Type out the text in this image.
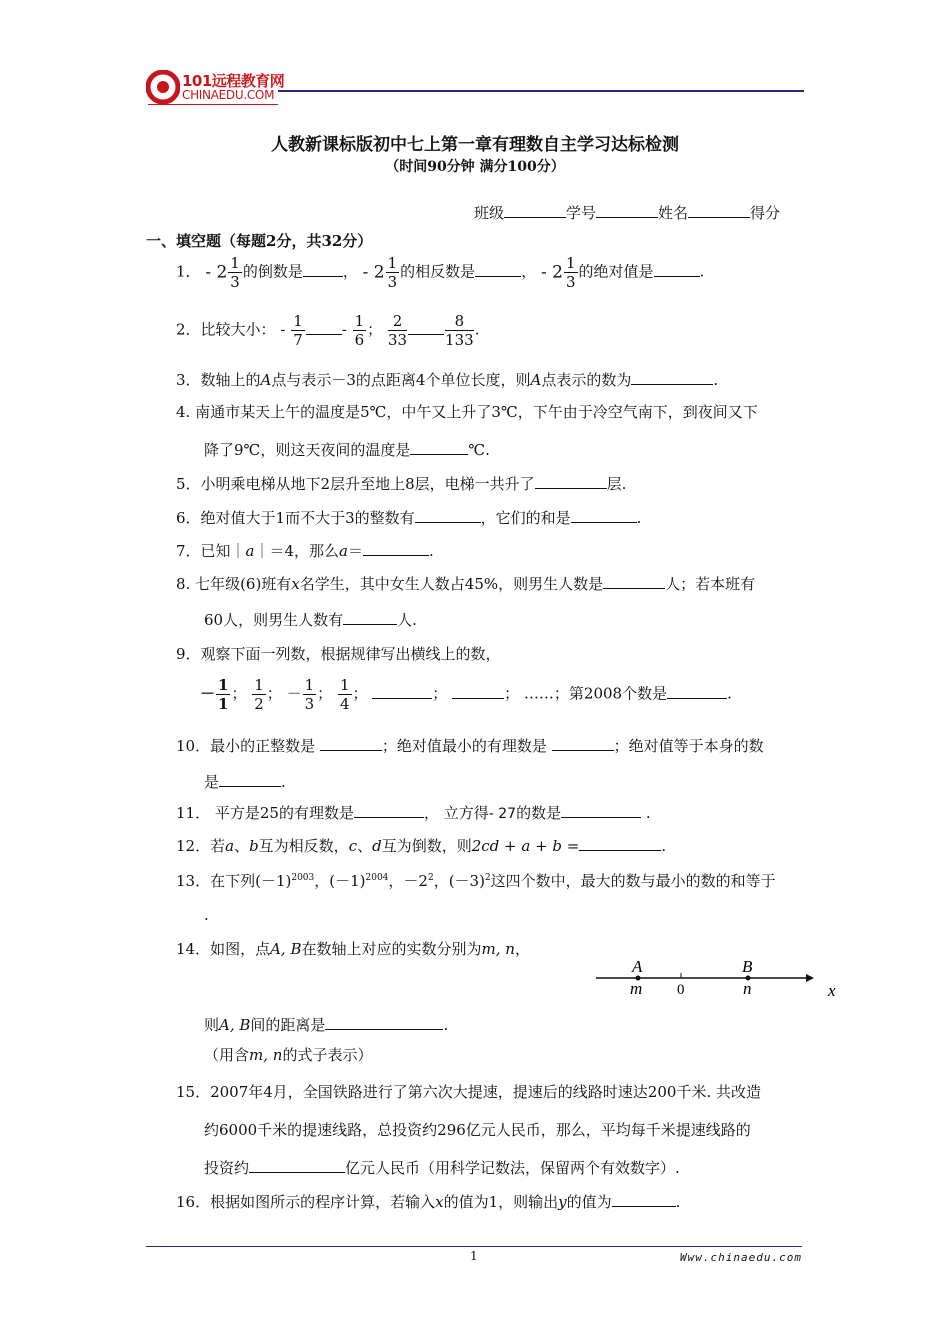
101远程教育网
CHINAEDU.COM
人教新课标版初中七上第一章有理数自主学习达标检测
（时间90分钟 满分100分）
班级	学号	姓名	得分
一、填空题（每题2分，共32分）
1． - $2 \frac{1}{3}$ 的倒数是	， - $2 \frac{1}{3}$ 的相反数是	， - $2 \frac{1}{3}$ 的绝对值是	.
2．比较大小： - $\frac{1}{7} - \frac{1}{6}$ ； $\frac{2}{33}$	$\frac{8}{133}$ .
3．数轴上的A点与表示－3的点距离4个单位长度，则A点表示的数为	.
4. 南通市某天上午的温度是5℃，中午又上升了3℃，下午由于冷空气南下，到夜间又下
降了9℃，则这天夜间的温度是	℃.
5．小明乘电梯从地下2层升至地上8层，电梯一共升了	层.
6．绝对值大于1而不大于3的整数有	，它们的和是	.
7．已知｜a｜＝4，那么a＝	.
8. 七年级(6)班有x名学生，其中女生人数占45%，则男生人数是	人；若本班有
60人，则男生人数有	人.
9．观察下面一列数，根据规律写出横线上的数，
－ $\frac{1}{1}$ ； $\frac{1}{2}$ ； － $\frac{1}{3}$ ； $\frac{1}{4}$ ；	；	； ……；第2008个数是	.
10．最小的正整数是	；绝对值最小的有理数是	；绝对值等于本身的数
是	.
11． 平方是25的有理数是	， 立方得- 27的数是	.
12．若a、b互为相反数，c、d互为倒数，则2cd + a + b =	.
13．在下列$(-1)^{2003}$，$(-1)^{2004}$，$-2^2$，$(-3)^2$这四个数中，最大的数与最小的数的和等于
.
14．如图，点A, B在数轴上对应的实数分别为m, n，
A	B
m 0	n	x
则A, B间的距离是	.
（用含m, n的式子表示）
15．2007年4月，全国铁路进行了第六次大提速，提速后的线路时速达200千米. 共改造
约6000千米的提速线路，总投资约296亿元人民币，那么，平均每千米提速线路的
投资约	亿元人民币（用科学记数法，保留两个有效数字）.
16．根据如图所示的程序计算，若输入x的值为1，则输出y的值为	.
1	Www.chinaedu.com
